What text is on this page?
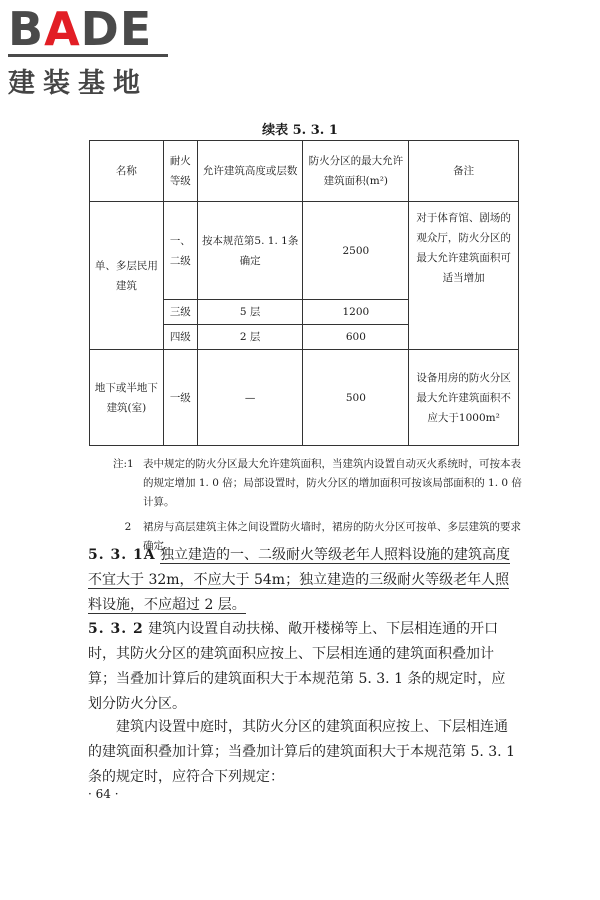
BADE
建装基地
续表 5. 3. 1
名称	耐火等级	允许建筑高度或层数	防火分区的最大允许建筑面积(m²)	备注
单、多层民用建筑	一、二级	按本规范第5. 1. 1条确定	2500	对于体育馆、剧场的观众厅，防火分区的最大允许建筑面积可适当增加
	三级	5 层	1200	
	四级	2 层	600	
地下或半地下建筑(室)	一级	—	500	设备用房的防火分区最大允许建筑面积不应大于1000m²
注:1 表中规定的防火分区最大允许建筑面积，当建筑内设置自动灭火系统时，可按本表的规定增加 1. 0 倍；局部设置时，防火分区的增加面积可按该局部面积的 1. 0 倍计算。
2	裙房与高层建筑主体之间设置防火墙时，裙房的防火分区可按单、多层建筑的要求确定。
5. 3. 1A 独立建造的一、二级耐火等级老年人照料设施的建筑高度不宜大于 32m，不应大于 54m；独立建造的三级耐火等级老年人照料设施，不应超过 2 层。
5. 3. 2 建筑内设置自动扶梯、敞开楼梯等上、下层相连通的开口时，其防火分区的建筑面积应按上、下层相连通的建筑面积叠加计算；当叠加计算后的建筑面积大于本规范第 5. 3. 1 条的规定时，应划分防火分区。
建筑内设置中庭时，其防火分区的建筑面积应按上、下层相连通的建筑面积叠加计算；当叠加计算后的建筑面积大于本规范第 5. 3. 1 条的规定时，应符合下列规定：
· 64 ·
